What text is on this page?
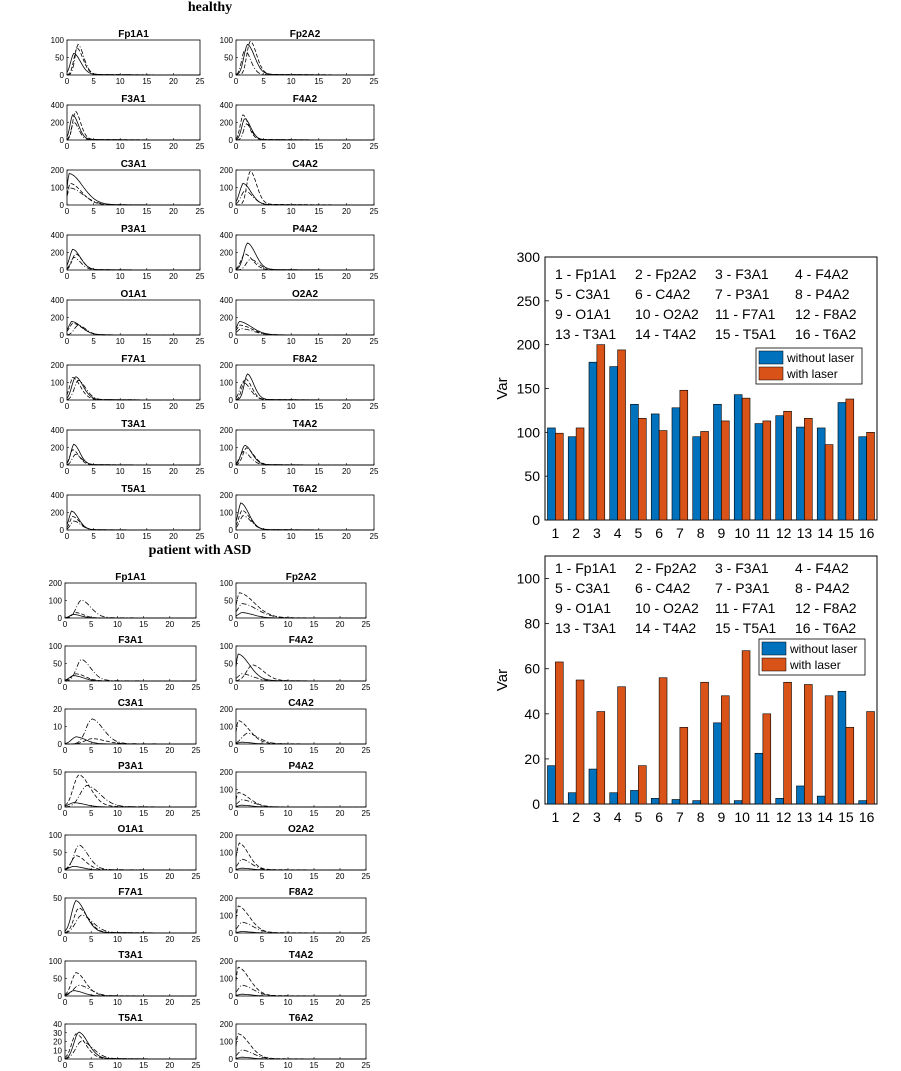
healthy
patient with ASD
Fp1A1
0
50
100
0	5 10 15 20 25
Fp2A2
0
50
100
0	5	10 15 20 25
F3A1
0
200
400
0	5 10 15 20 25
F4A2
0
200
400
0	5	10 15 20 25
C3A1
0
100
200
0	5 10 15 20 25
C4A2
0
100
200
0	5	10 15 20 25
P3A1
0
200
400
0	5 10 15 20 25
P4A2
0
200
400
0	5	10 15 20 25
O1A1
0
200
400
0	5 10 15 20 25
O2A2
0
200
400
0	5	10 15 20 25
F7A1
0
100
200
0	5 10 15 20 25
F8A2
0
100
200
0	5	10 15 20 25
T3A1
0
200
400
0	5 10 15 20 25
T4A2
0
100
200
0	5	10 15 20 25
T5A1
0
200
400
0	5 10 15 20 25
T6A2
0
100
200
0	5	10 15 20 25
Fp1A1
0
100
200
0	5 10 15 20 25
Fp2A2
0
50
100
0	5 10 15 20 25
F3A1
0
50
100
0	5 10 15 20 25
F4A2
0
50
100
0	5 10 15 20 25
C3A1
0
10
20
0	5 10 15 20 25
C4A2
0
100
200
0	5 10 15 20 25
P3A1
0
50
0	5 10 15 20 25
P4A2
0
100
200
0	5 10 15 20 25
O1A1
0
50
100
0	5 10 15 20 25
O2A2
0
100
200
0	5 10 15 20 25
F7A1
0
50
0	5 10 15 20 25
F8A2
0
100
200
0	5 10 15 20 25
T3A1
0
50
100
0	5 10 15 20 25
T4A2
0
100
200
0	5 10 15 20 25
T5A1
0
10
20
30
40
0	5 10 15 20 25
T6A2
0
100
200
0	5 10 15 20 25
0
50
100
150
200
250
300
1 2 3 4 5 6 7 8 9 10 11 12 13 14 15 16
Var
1 - Fp1A1 2 - Fp2A2 3 - F3A1 4 - F4A2
5 - C3A1 6 - C4A2 7 - P3A1 8 - P4A2
9 - O1A1 10 - O2A2 11 - F7A1 12 - F8A2
13 - T3A1 14 - T4A2 15 - T5A1 16 - T6A2
without laser
with laser
0
20
40
60
80
100
1 2 3 4 5 6 7 8 9 10 11 12 13 14 15 16
Var
1 - Fp1A1 2 - Fp2A2 3 - F3A1 4 - F4A2
5 - C3A1 6 - C4A2 7 - P3A1 8 - P4A2
9 - O1A1 10 - O2A2 11 - F7A1 12 - F8A2
13 - T3A1 14 - T4A2 15 - T5A1 16 - T6A2
without laser
with laser
